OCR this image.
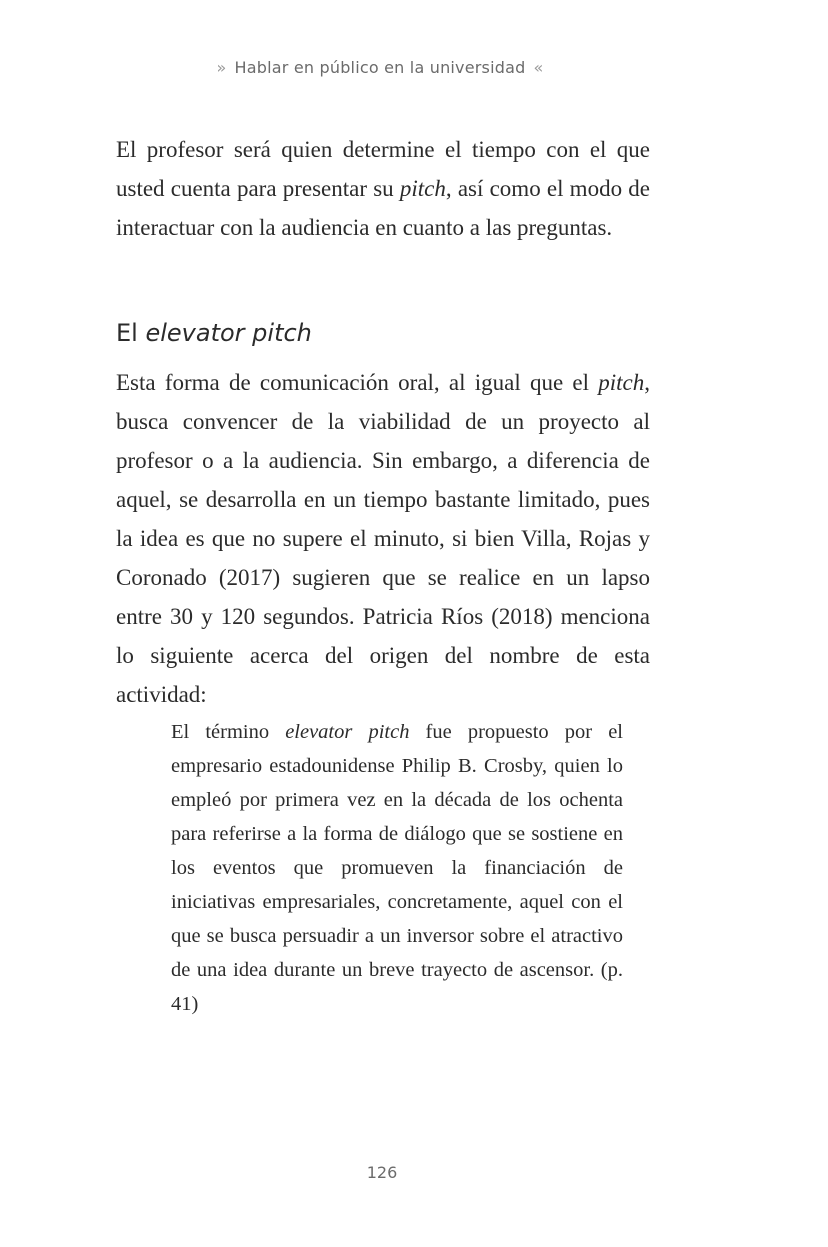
» Hablar en público en la universidad «

El profesor será quien determine el tiempo con el que usted cuenta para presentar su pitch, así como el modo de interactuar con la audiencia en cuanto a las preguntas.

El elevator pitch

Esta forma de comunicación oral, al igual que el pitch, busca convencer de la viabilidad de un proyecto al profesor o a la audiencia. Sin embargo, a diferencia de aquel, se desarrolla en un tiempo bastante limitado, pues la idea es que no supere el minuto, si bien Villa, Rojas y Coronado (2017) sugieren que se realice en un lapso entre 30 y 120 segundos. Patricia Ríos (2018) menciona lo siguiente acerca del origen del nombre de esta actividad:

El término elevator pitch fue propuesto por el empresario estadounidense Philip B. Crosby, quien lo empleó por primera vez en la década de los ochenta para referirse a la forma de diálogo que se sostiene en los eventos que promueven la financiación de iniciativas empresariales, concretamente, aquel con el que se busca persuadir a un inversor sobre el atractivo de una idea durante un breve trayecto de ascensor. (p. 41)

126
